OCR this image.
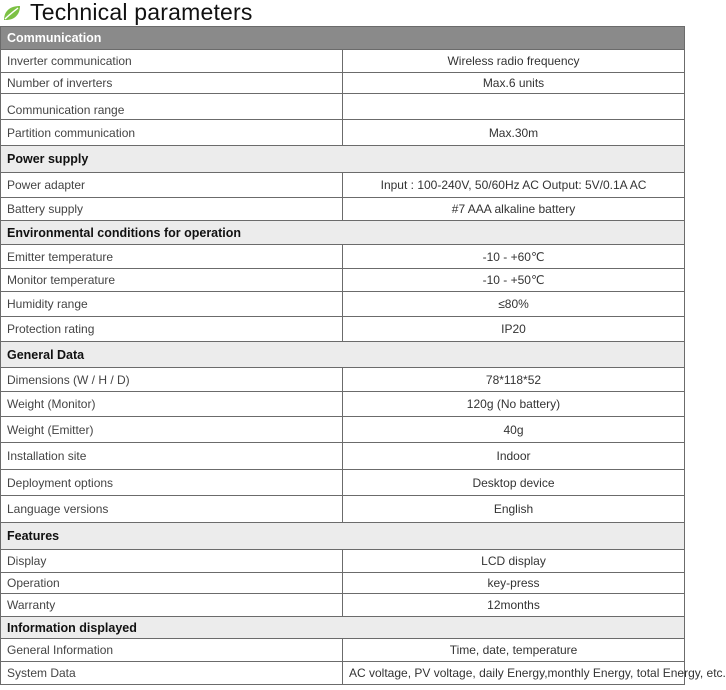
Technical parameters
Communication	
Inverter communication	Wireless radio frequency
Number of inverters	Max.6 units
Communication range	
Partition communication	Max.30m
Power supply	
Power adapter	Input : 100-240V, 50/60Hz AC Output: 5V/0.1A AC
Battery supply	#7 AAA alkaline battery
Environmental conditions for operation	
Emitter temperature	-10 - +60℃
Monitor temperature	-10 - +50℃
Humidity range	≤80%
Protection rating	IP20
General Data	
Dimensions (W / H / D)	78*118*52
Weight (Monitor)	120g (No battery)
Weight (Emitter)	40g
Installation site	Indoor
Deployment options	Desktop device
Language versions	English
Features	
Display	LCD display
Operation	key-press
Warranty	12months
Information displayed	
General Information	Time, date, temperature
System Data	AC voltage, PV voltage, daily Energy,monthly Energy, total Energy, etc.
